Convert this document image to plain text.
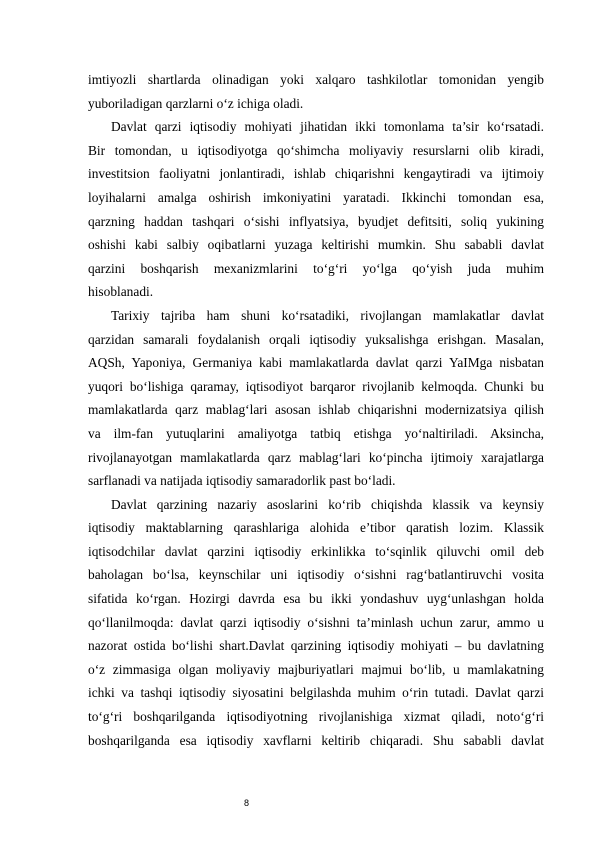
imtiyozli shartlarda olinadigan yoki xalqaro tashkilotlar tomonidan yengib
yuboriladigan qarzlarni o‘z ichiga oladi.
Davlat qarzi iqtisodiy mohiyati jihatidan ikki tomonlama ta’sir ko‘rsatadi.
Bir tomondan, u iqtisodiyotga qo‘shimcha moliyaviy resurslarni olib kiradi,
investitsion faoliyatni jonlantiradi, ishlab chiqarishni kengaytiradi va ijtimoiy
loyihalarni amalga oshirish imkoniyatini yaratadi. Ikkinchi tomondan esa,
qarzning haddan tashqari o‘sishi inflyatsiya, byudjet defitsiti, soliq yukining
oshishi kabi salbiy oqibatlarni yuzaga keltirishi mumkin. Shu sababli davlat
qarzini boshqarish mexanizmlarini to‘g‘ri yo‘lga qo‘yish juda muhim
hisoblanadi.
Tarixiy tajriba ham shuni ko‘rsatadiki, rivojlangan mamlakatlar davlat
qarzidan samarali foydalanish orqali iqtisodiy yuksalishga erishgan. Masalan,
AQSh, Yaponiya, Germaniya kabi mamlakatlarda davlat qarzi YaIMga nisbatan
yuqori bo‘lishiga qaramay, iqtisodiyot barqaror rivojlanib kelmoqda. Chunki bu
mamlakatlarda qarz mablag‘lari asosan ishlab chiqarishni modernizatsiya qilish
va ilm-fan yutuqlarini amaliyotga tatbiq etishga yo‘naltiriladi. Aksincha,
rivojlanayotgan mamlakatlarda qarz mablag‘lari ko‘pincha ijtimoiy xarajatlarga
sarflanadi va natijada iqtisodiy samaradorlik past bo‘ladi.
Davlat qarzining nazariy asoslarini ko‘rib chiqishda klassik va keynsiy
iqtisodiy maktablarning qarashlariga alohida e’tibor qaratish lozim. Klassik
iqtisodchilar davlat qarzini iqtisodiy erkinlikka to‘sqinlik qiluvchi omil deb
baholagan bo‘lsa, keynschilar uni iqtisodiy o‘sishni rag‘batlantiruvchi vosita
sifatida ko‘rgan. Hozirgi davrda esa bu ikki yondashuv uyg‘unlashgan holda
qo‘llanilmoqda: davlat qarzi iqtisodiy o‘sishni ta’minlash uchun zarur, ammo u
nazorat ostida bo‘lishi shart.Davlat qarzining iqtisodiy mohiyati – bu davlatning
o‘z zimmasiga olgan moliyaviy majburiyatlari majmui bo‘lib, u mamlakatning
ichki va tashqi iqtisodiy siyosatini belgilashda muhim o‘rin tutadi. Davlat qarzi
to‘g‘ri boshqarilganda iqtisodiyotning rivojlanishiga xizmat qiladi, noto‘g‘ri
boshqarilganda esa iqtisodiy xavflarni keltirib chiqaradi. Shu sababli davlat
8
